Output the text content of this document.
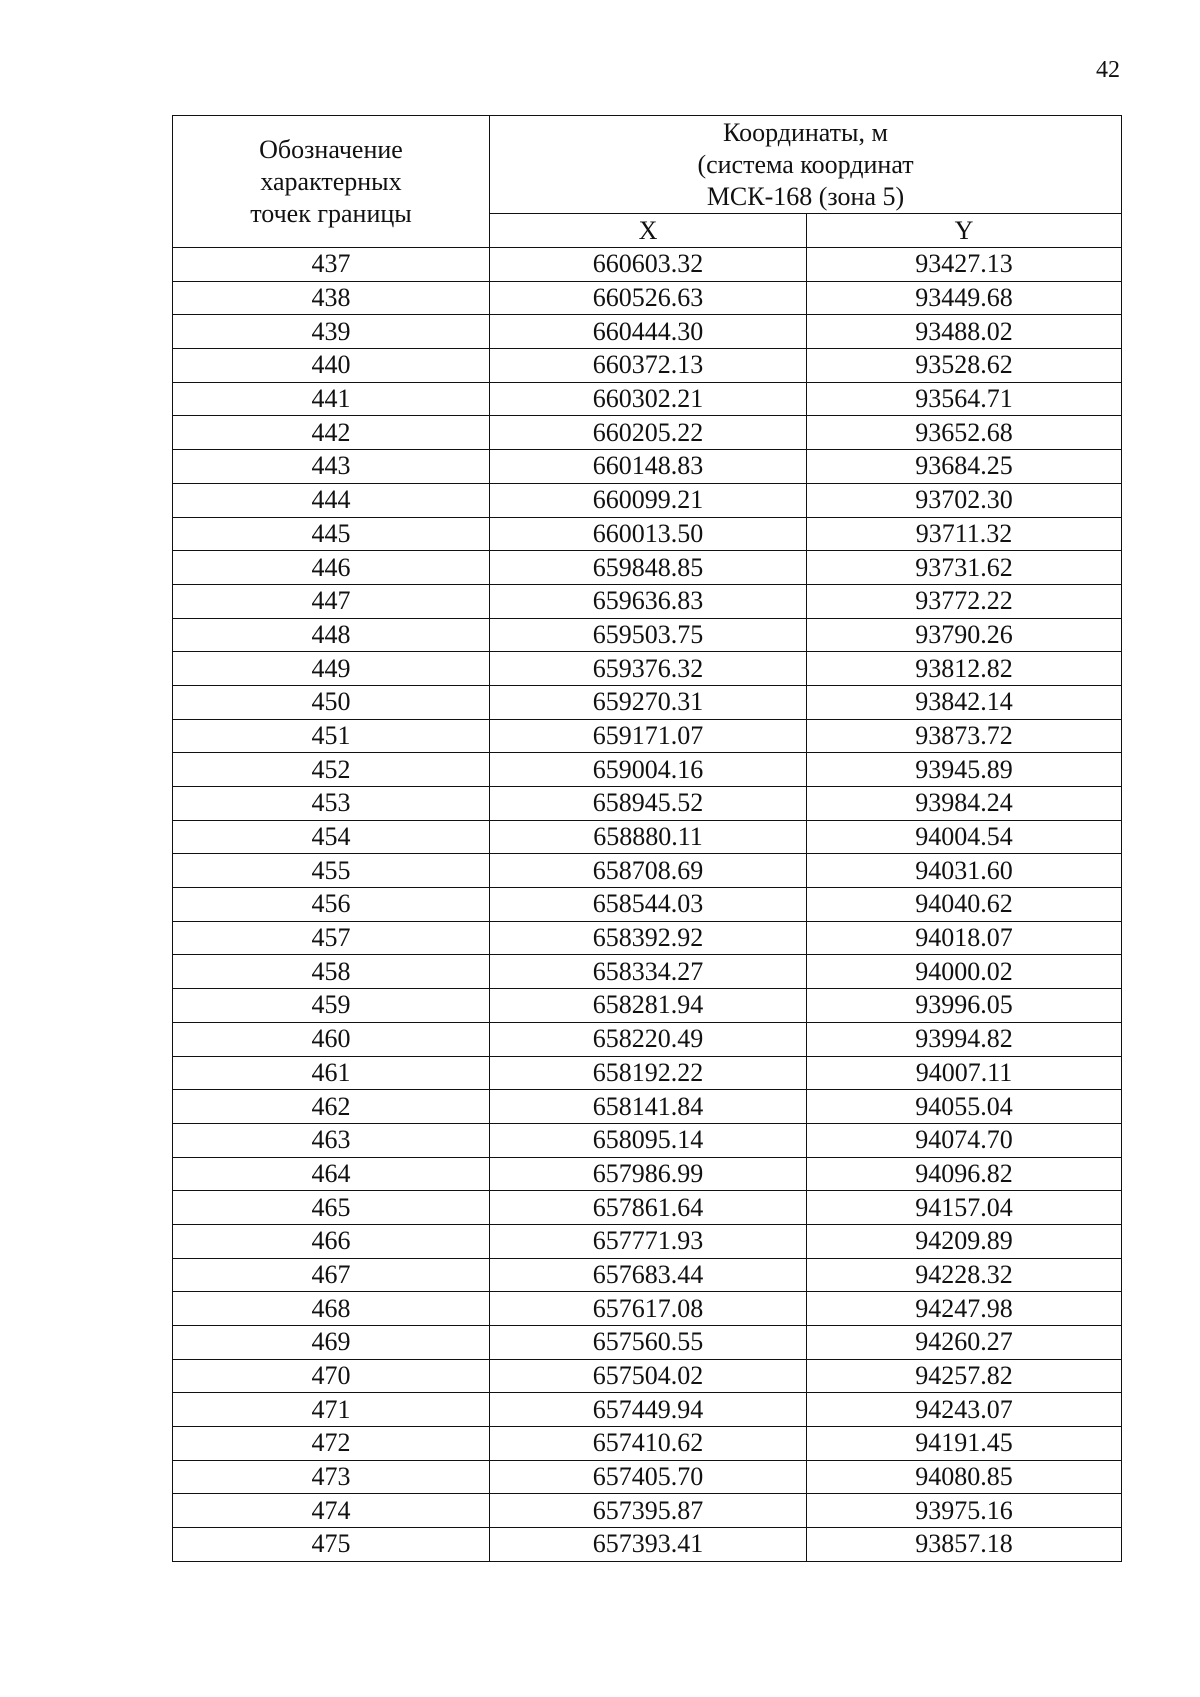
42
Обозначение
характерных
точек границы	Координаты, м
(система координат
МСК-168 (зона 5)	

	X	Y
437	660603.32	93427.13
438	660526.63	93449.68
439	660444.30	93488.02
440	660372.13	93528.62
441	660302.21	93564.71
442	660205.22	93652.68
443	660148.83	93684.25
444	660099.21	93702.30
445	660013.50	93711.32
446	659848.85	93731.62
447	659636.83	93772.22
448	659503.75	93790.26
449	659376.32	93812.82
450	659270.31	93842.14
451	659171.07	93873.72
452	659004.16	93945.89
453	658945.52	93984.24
454	658880.11	94004.54
455	658708.69	94031.60
456	658544.03	94040.62
457	658392.92	94018.07
458	658334.27	94000.02
459	658281.94	93996.05
460	658220.49	93994.82
461	658192.22	94007.11
462	658141.84	94055.04
463	658095.14	94074.70
464	657986.99	94096.82
465	657861.64	94157.04
466	657771.93	94209.89
467	657683.44	94228.32
468	657617.08	94247.98
469	657560.55	94260.27
470	657504.02	94257.82
471	657449.94	94243.07
472	657410.62	94191.45
473	657405.70	94080.85
474	657395.87	93975.16
475	657393.41	93857.18
